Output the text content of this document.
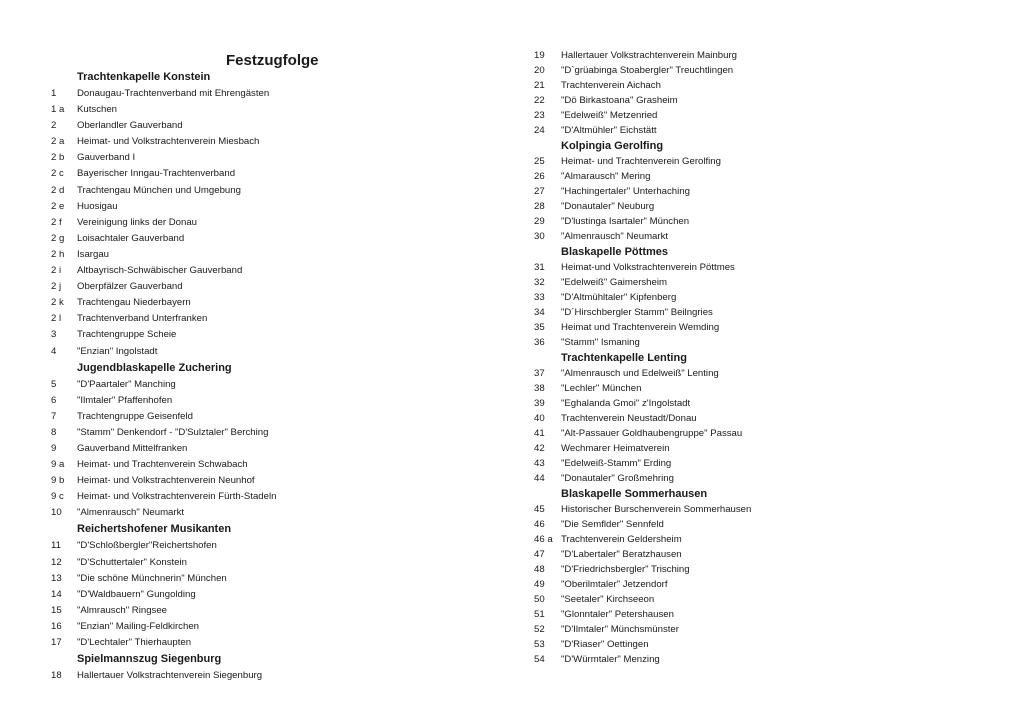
Festzugfolge
Trachtenkapelle Konstein
1 Donaugau-Trachtenverband mit Ehrengästen
1 a Kutschen
2 Oberlandler Gauverband
2 a Heimat- und Volkstrachtenverein Miesbach
2 b Gauverband I
2 c Bayerischer Inngau-Trachtenverband
2 d Trachtengau München und Umgebung
2 e Huosigau
2 f Vereinigung links der Donau
2 g Loisachtaler Gauverband
2 h Isargau
2 i Altbayrisch-Schwäbischer Gauverband
2 j Oberpfälzer Gauverband
2 k Trachtengau Niederbayern
2 l Trachtenverband Unterfranken
3 Trachtengruppe Scheie
4 "Enzian" Ingolstadt
Jugendblaskapelle Zuchering
5 "D'Paartaler" Manching
6 "Ilmtaler" Pfaffenhofen
7 Trachtengruppe Geisenfeld
8 "Stamm" Denkendorf - "D'Sulztaler" Berching
9 Gauverband Mittelfranken
9 a Heimat- und Trachtenverein Schwabach
9 b Heimat- und Volkstrachtenverein Neunhof
9 c Heimat- und Volkstrachtenverein Fürth-Stadeln
10 "Almenrausch" Neumarkt
Reichertshofener Musikanten
11 "D'Schloßbergler"Reichertshofen
12 "D'Schuttertaler" Konstein
13 "Die schöne Münchnerin" München
14 "D'Waldbauern" Gungolding
15 "Almrausch" Ringsee
16 "Enzian" Mailing-Feldkirchen
17 "D'Lechtaler" Thierhaupten
Spielmannszug Siegenburg
18 Hallertauer Volkstrachtenverein Siegenburg
19 Hallertauer Volkstrachtenverein Mainburg
20 "D`grüabinga Stoabergler" Treuchtlingen
21 Trachtenverein Aichach
22 "Dö Birkastoana" Grasheim
23 "Edelweiß" Metzenried
24 "D'Altmühler" Eichstätt
Kolpingia Gerolfing
25 Heimat- und Trachtenverein Gerolfing
26 "Almarausch" Mering
27 "Hachingertaler" Unterhaching
28 "Donautaler" Neuburg
29 "D'lustinga Isartaler" München
30 "Almenrausch" Neumarkt
Blaskapelle Pöttmes
31 Heimat-und Volkstrachtenverein Pöttmes
32 "Edelweiß" Gaimersheim
33 "D'Altmühltaler" Kipfenberg
34 "D´Hirschbergler Stamm" Beilngries
35 Heimat und Trachtenverein Wemding
36 "Stamm" Ismaning
Trachtenkapelle Lenting
37 "Almenrausch und Edelweiß" Lenting
38 "Lechler" München
39 "Eghalanda Gmoi" z'Ingolstadt
40 Trachtenverein Neustadt/Donau
41 "Alt-Passauer Goldhaubengruppe" Passau
42 Wechmarer Heimatverein
43 "Edelweiß-Stamm" Erding
44 "Donautaler" Großmehring
Blaskapelle Sommerhausen
45 Historischer Burschenverein Sommerhausen
46 "Die Semflder" Sennfeld
46 a Trachtenverein Geldersheim
47 "D'Labertaler" Beratzhausen
48 "D'Friedrichsbergler" Trisching
49 "Oberilmtaler" Jetzendorf
50 "Seetaler" Kirchseeon
51 "Glonntaler" Petershausen
52 "D'Ilmtaler" Münchsmünster
53 "D'Riaser" Oettingen
54 "D'Würmtaler" Menzing
